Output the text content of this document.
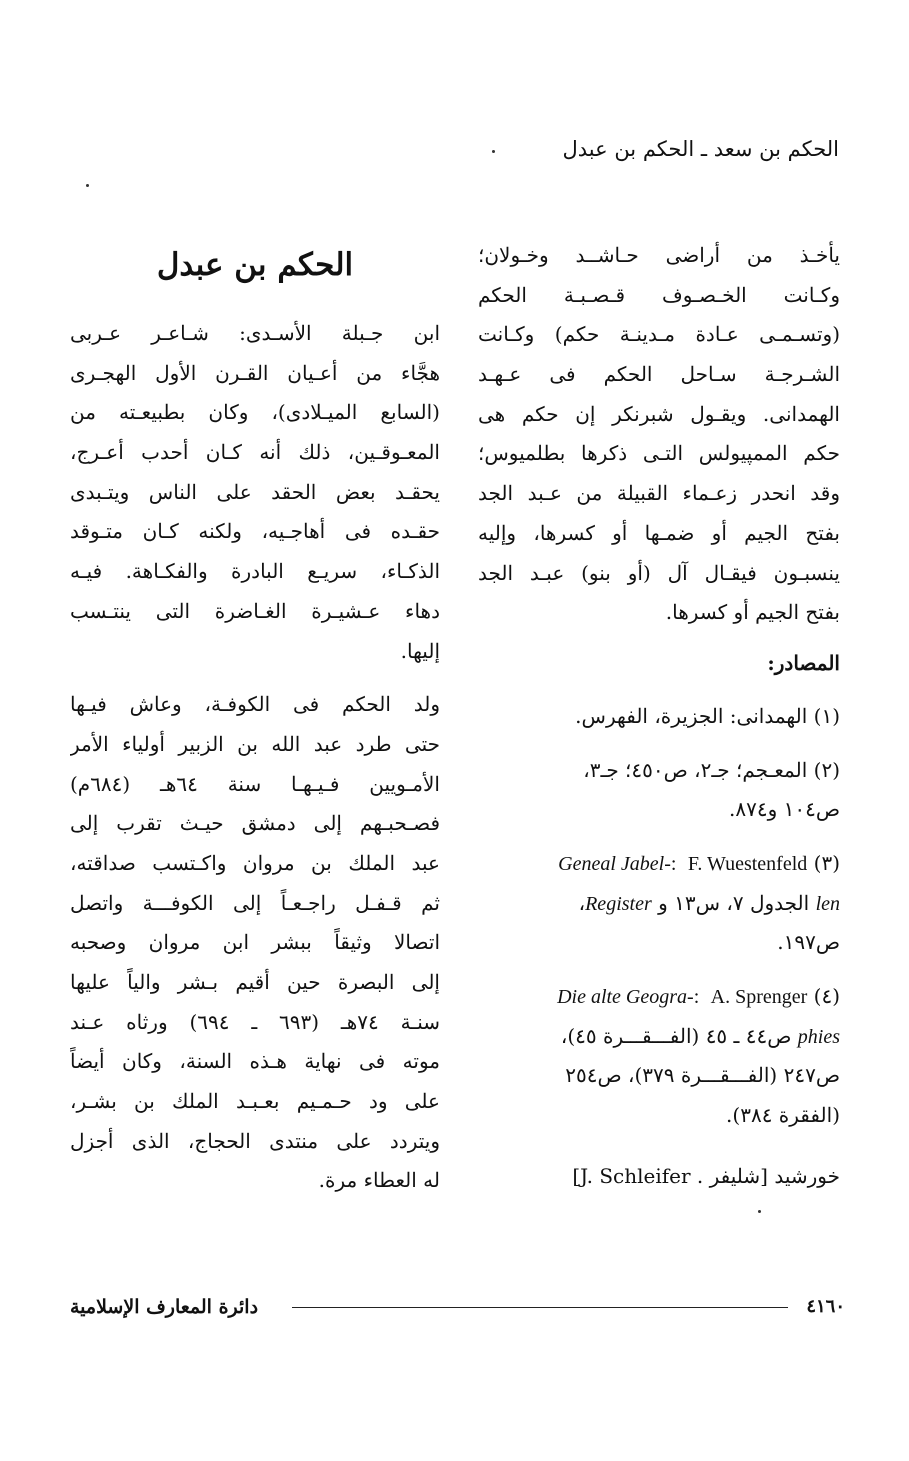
الحكم بن سعد ـ الحكم بن عبدل
يأخـذ من أراضى حـاشــد وخـولان؛
وكـانت الخـصـوف قـصـبـة الحكم
(وتسـمـى عـادة مـدينـة حكم) وكـانت
الشـرجـة سـاحل الحكم فى عـهـد
الهمدانى. ويقـول شبرنكر إن حكم هى
حكم الممپيولس التـى ذكرها بطلميوس؛
وقد انحدر زعـماء القبيلة من عـبد الجد
بفتح الجيم أو ضمـها أو كسرها، وإليه
ينسبـون فيقـال آل (أو بنو) عبـد الجد
بفتح الجيم أو كسرها.
المصادر:
(١) الهمدانى: الجزيرة، الفهرس.
(٢) المعـجم؛ جـ٢، ص٤٥٠؛ جـ٣،
ص١٠٤ و٨٧٤.
(٣) F. Wuestenfeld : Geneal Jabel-
len الجدول ٧، س١٣ و Register،
ص١٩٧.
(٤) A. Sprenger : Die alte Geogra-
phies ص٤٤ ـ ٤٥ (الفـــقـــرة ٤٥)،
ص٢٤٧ (الفـــقـــرة ٣٧٩)، ص٢٥٤
(الفقرة ٣٨٤).
خورشيد [شليفر . J. Schleifer]
الحكم بن عبدل
ابن جـبلة الأسـدى: شـاعـر عـربى
هجَّاء من أعـيان القـرن الأول الهجـرى
(السابع الميـلادى)، وكان بطبيعـته من
المعـوقـين، ذلك أنه كـان أحدب أعـرج،
يحقـد بعض الحقد على الناس ويتـبدى
حقـده فى أهاجـيه، ولكنه كـان متـوقد
الذكـاء، سريـع البادرة والفكـاهة. فيـه
دهاء عـشيـرة الغـاضرة التى ينتـسب
إليها.
ولد الحكم فى الكوفـة، وعاش فيـها
حتى طرد عبد الله بن الزبير أولياء الأمر
الأمـويين فـيـهـا سنة ٦٤هـ (٦٨٤م)
فصـحبـهم إلى دمشق حيـث تقرب إلى
عبد الملك بن مروان واكـتسب صداقته،
ثم قـفـل راجـعـاً إلى الكوفـــة واتصل
اتصالا وثيقاً ببشر ابن مروان وصحبه
إلى البصرة حين أقيم بـشر والياً عليها
سنـة ٧٤هـ (٦٩٣ ـ ٦٩٤) ورثاه عـند
موته فى نهاية هـذه السنة، وكان أيضاً
على ود حـمـيم بعـبـد الملك بن بشـر،
ويتردد على منتدى الحجاج، الذى أجزل
له العطاء مرة.
٤١٦٠
دائرة المعارف الإسلامية
